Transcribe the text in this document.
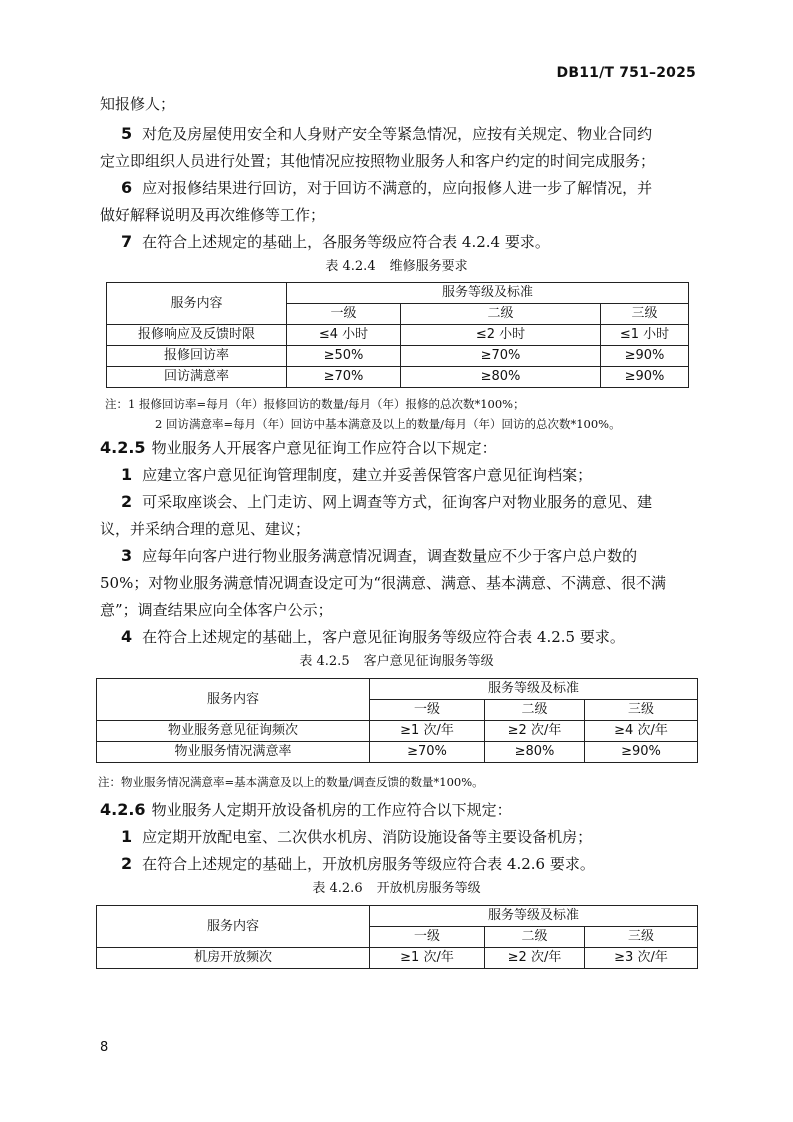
DB11/T 751–2025
知报修人；
5 对危及房屋使用安全和人身财产安全等紧急情况，应按有关规定、物业合同约
定立即组织人员进行处置；其他情况应按照物业服务人和客户约定的时间完成服务；
6 应对报修结果进行回访，对于回访不满意的，应向报修人进一步了解情况，并
做好解释说明及再次维修等工作；
7 在符合上述规定的基础上，各服务等级应符合表 4.2.4 要求。
表 4.2.4 维修服务要求
服务内容	服务等级及标准		
	一级	二级	三级
报修响应及反馈时限	≤4 小时	≤2 小时	≤1 小时
报修回访率	≥50%	≥70%	≥90%
回访满意率	≥70%	≥80%	≥90%
注：1 报修回访率=每月（年）报修回访的数量/每月（年）报修的总次数*100%；
2 回访满意率=每月（年）回访中基本满意及以上的数量/每月（年）回访的总次数*100%。
4.2.5 物业服务人开展客户意见征询工作应符合以下规定：
1 应建立客户意见征询管理制度，建立并妥善保管客户意见征询档案；
2 可采取座谈会、上门走访、网上调查等方式，征询客户对物业服务的意见、建
议，并采纳合理的意见、建议；
3 应每年向客户进行物业服务满意情况调查，调查数量应不少于客户总户数的
50%；对物业服务满意情况调查设定可为“很满意、满意、基本满意、不满意、很不满
意”；调查结果应向全体客户公示；
4 在符合上述规定的基础上，客户意见征询服务等级应符合表 4.2.5 要求。
表 4.2.5 客户意见征询服务等级
服务内容	服务等级及标准		
	一级	二级	三级
物业服务意见征询频次	≥1 次/年	≥2 次/年	≥4 次/年
物业服务情况满意率	≥70%	≥80%	≥90%
注：物业服务情况满意率=基本满意及以上的数量/调查反馈的数量*100%。
4.2.6 物业服务人定期开放设备机房的工作应符合以下规定：
1 应定期开放配电室、二次供水机房、消防设施设备等主要设备机房；
2 在符合上述规定的基础上，开放机房服务等级应符合表 4.2.6 要求。
表 4.2.6 开放机房服务等级
服务内容	服务等级及标准		
	一级	二级	三级
机房开放频次	≥1 次/年	≥2 次/年	≥3 次/年
8
